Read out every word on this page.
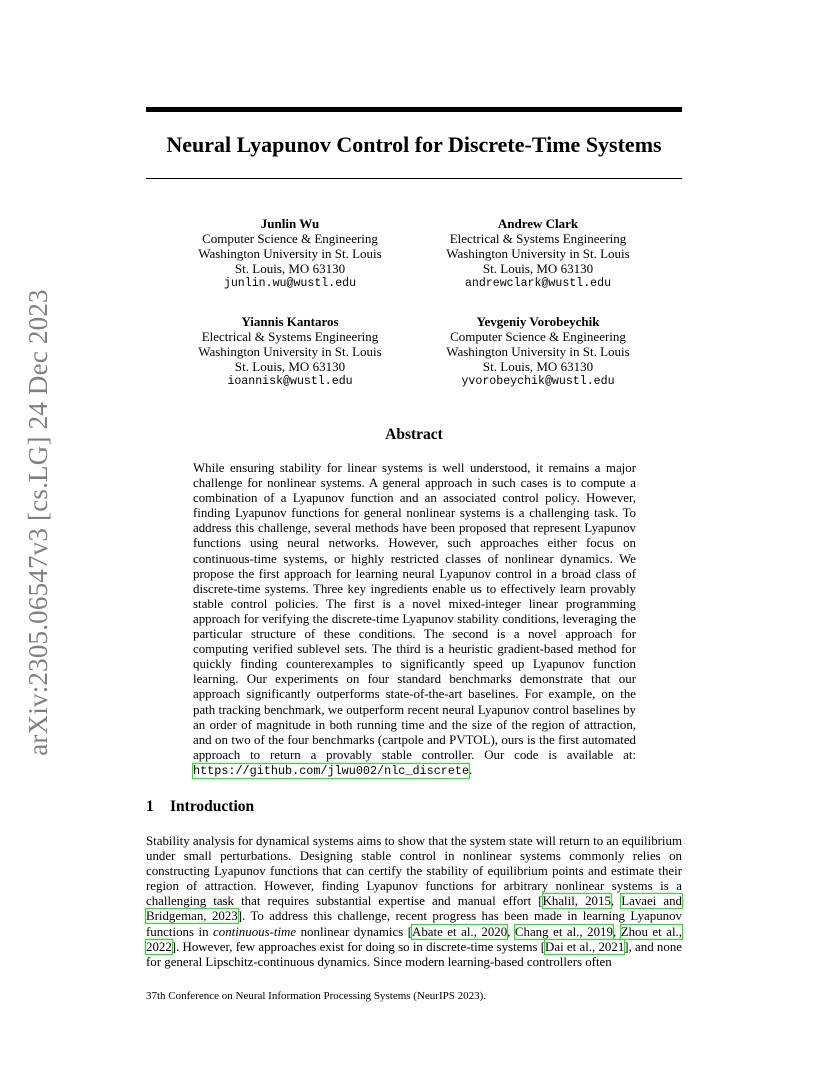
arXiv:2305.06547v3 [cs.LG] 24 Dec 2023
Neural Lyapunov Control for Discrete-Time Systems
Junlin Wu
Computer Science & Engineering
Washington University in St. Louis
St. Louis, MO 63130
junlin.wu@wustl.edu
Andrew Clark
Electrical & Systems Engineering
Washington University in St. Louis
St. Louis, MO 63130
andrewclark@wustl.edu
Yiannis Kantaros
Electrical & Systems Engineering
Washington University in St. Louis
St. Louis, MO 63130
ioannisk@wustl.edu
Yevgeniy Vorobeychik
Computer Science & Engineering
Washington University in St. Louis
St. Louis, MO 63130
yvorobeychik@wustl.edu
Abstract

While ensuring stability for linear systems is well understood, it remains a major challenge for nonlinear systems. A general approach in such cases is to compute a combination of a Lyapunov function and an associated control policy. However, finding Lyapunov functions for general nonlinear systems is a challenging task. To address this challenge, several methods have been proposed that represent Lyapunov functions using neural networks. However, such approaches either focus on continuous-time systems, or highly restricted classes of nonlinear dynamics. We propose the first approach for learning neural Lyapunov control in a broad class of discrete-time systems. Three key ingredients enable us to effectively learn provably stable control policies. The first is a novel mixed-integer linear programming approach for verifying the discrete-time Lyapunov stability conditions, leveraging the particular structure of these conditions. The second is a novel approach for computing verified sublevel sets. The third is a heuristic gradient-based method for quickly finding counterexamples to significantly speed up Lyapunov function learning. Our experiments on four standard benchmarks demonstrate that our approach significantly outperforms state-of-the-art baselines. For example, on the path tracking benchmark, we outperform recent neural Lyapunov control baselines by an order of magnitude in both running time and the size of the region of attraction, and on two of the four benchmarks (cartpole and PVTOL), ours is the first automated approach to return a provably stable controller. Our code is available at: https://github.com/jlwu002/nlc_discrete.

1 Introduction

Stability analysis for dynamical systems aims to show that the system state will return to an equilibrium under small perturbations. Designing stable control in nonlinear systems commonly relies on constructing Lyapunov functions that can certify the stability of equilibrium points and estimate their region of attraction. However, finding Lyapunov functions for arbitrary nonlinear systems is a challenging task that requires substantial expertise and manual effort [Khalil, 2015, Lavaei and Bridgeman, 2023]. To address this challenge, recent progress has been made in learning Lyapunov functions in continuous-time nonlinear dynamics [Abate et al., 2020, Chang et al., 2019, Zhou et al., 2022]. However, few approaches exist for doing so in discrete-time systems [Dai et al., 2021], and none for general Lipschitz-continuous dynamics. Since modern learning-based controllers often

37th Conference on Neural Information Processing Systems (NeurIPS 2023).
